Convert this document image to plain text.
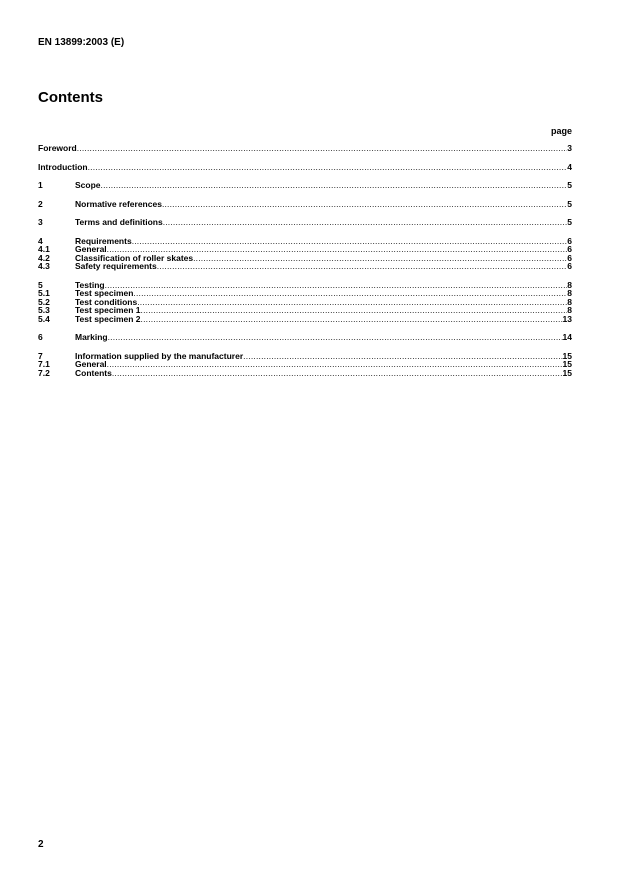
EN 13899:2003 (E)
Contents
page
Foreword .....	3
Introduction .....	4
1	Scope .....	5
2	Normative references .....	5
3	Terms and definitions .....	5
4	Requirements .....	6
4.1	General .....	6
4.2	Classification of roller skates .....	6
4.3	Safety requirements .....	6
5	Testing .....	8
5.1	Test specimen .....	8
5.2	Test conditions .....	8
5.3	Test specimen 1 .....	8
5.4	Test specimen 2 .....	13
6	Marking .....	14
7	Information supplied by the manufacturer .....	15
7.1	General .....	15
7.2	Contents .....	15
2
